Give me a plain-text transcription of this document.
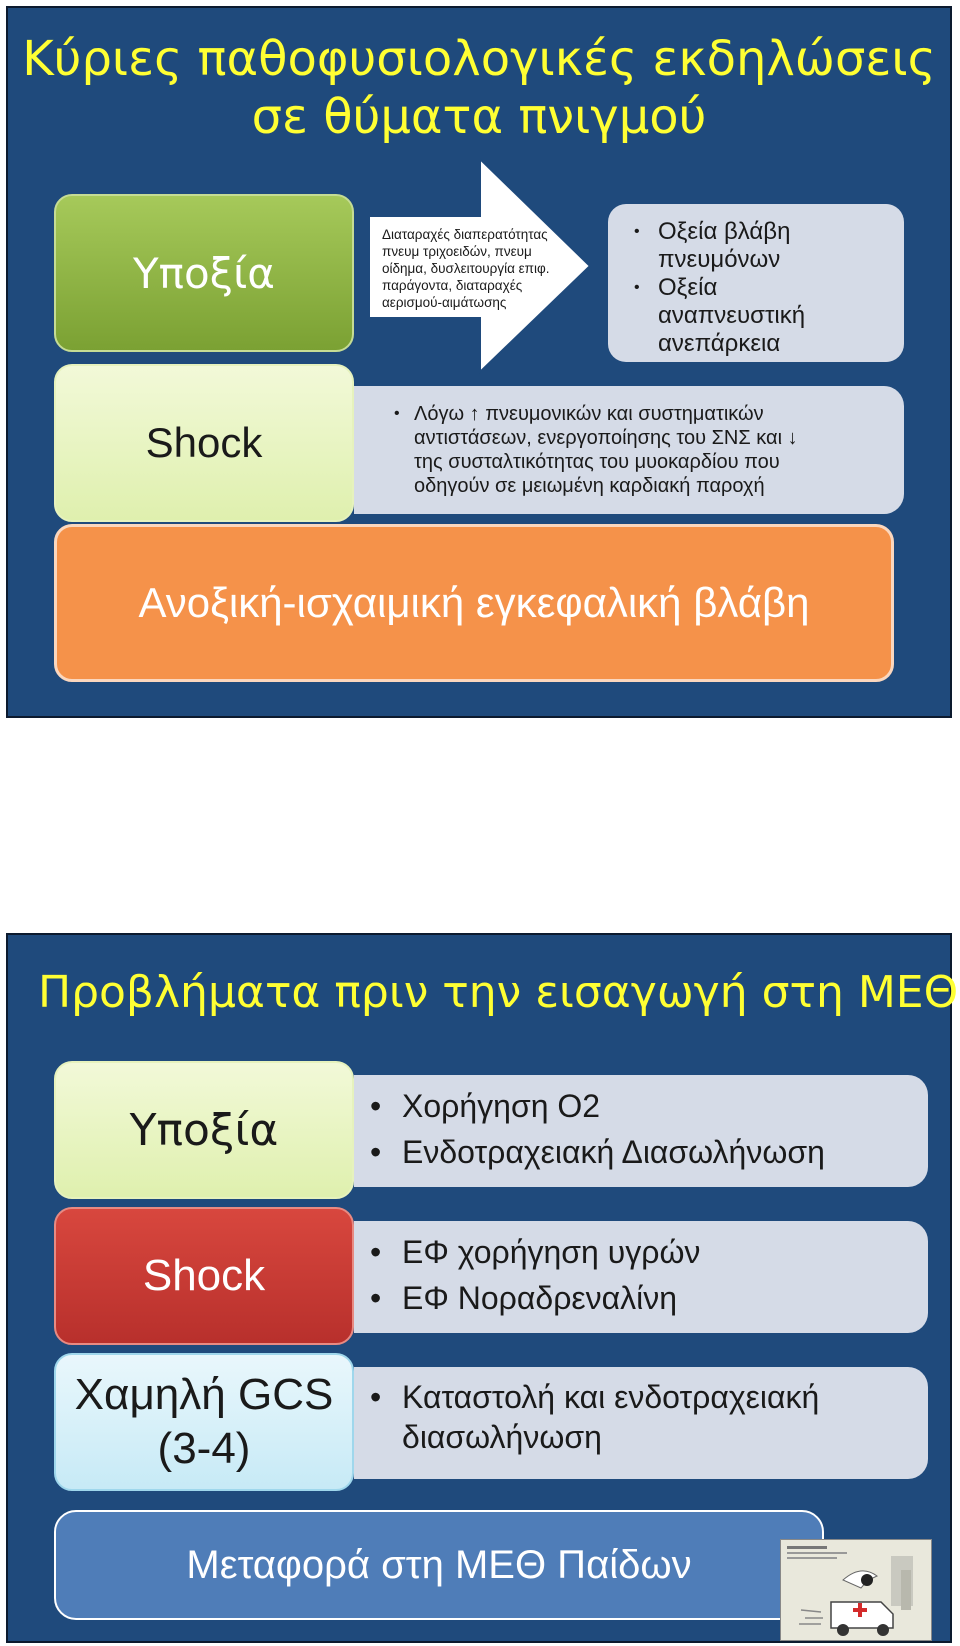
Κύριες παθοφυσιολογικές εκδηλώσεις
σε θύματα πνιγμού
Υποξία
Διαταραχές διαπερατότητας
πνευμ τριχοειδών, πνευμ
οίδημα, δυσλειτουργία επιφ.
παράγοντα, διαταραχές
αερισμού-αιμάτωσης
• Οξεία βλάβη
πνευμόνων
• Οξεία
αναπνευστική
ανεπάρκεια
Shock
• Λόγω ↑ πνευμονικών και συστηματικών
αντιστάσεων, ενεργοποίησης του ΣΝΣ και ↓
της συσταλτικότητας του μυοκαρδίου που
οδηγούν σε μειωμένη καρδιακή παροχή
Ανοξική-ισχαιμική εγκεφαλική βλάβη
Προβλήματα πριν την εισαγωγή στη ΜΕΘ
• Χορήγηση O2
• Ενδοτραχειακή Διασωλήνωση
Υποξία
• ΕΦ χορήγηση υγρών
• ΕΦ Νοραδρεναλίνη
Shock
• Καταστολή και ενδοτραχειακή
διασωλήνωση
Χαμηλή GCS
(3-4)
Μεταφορά στη ΜΕΘ Παίδων
